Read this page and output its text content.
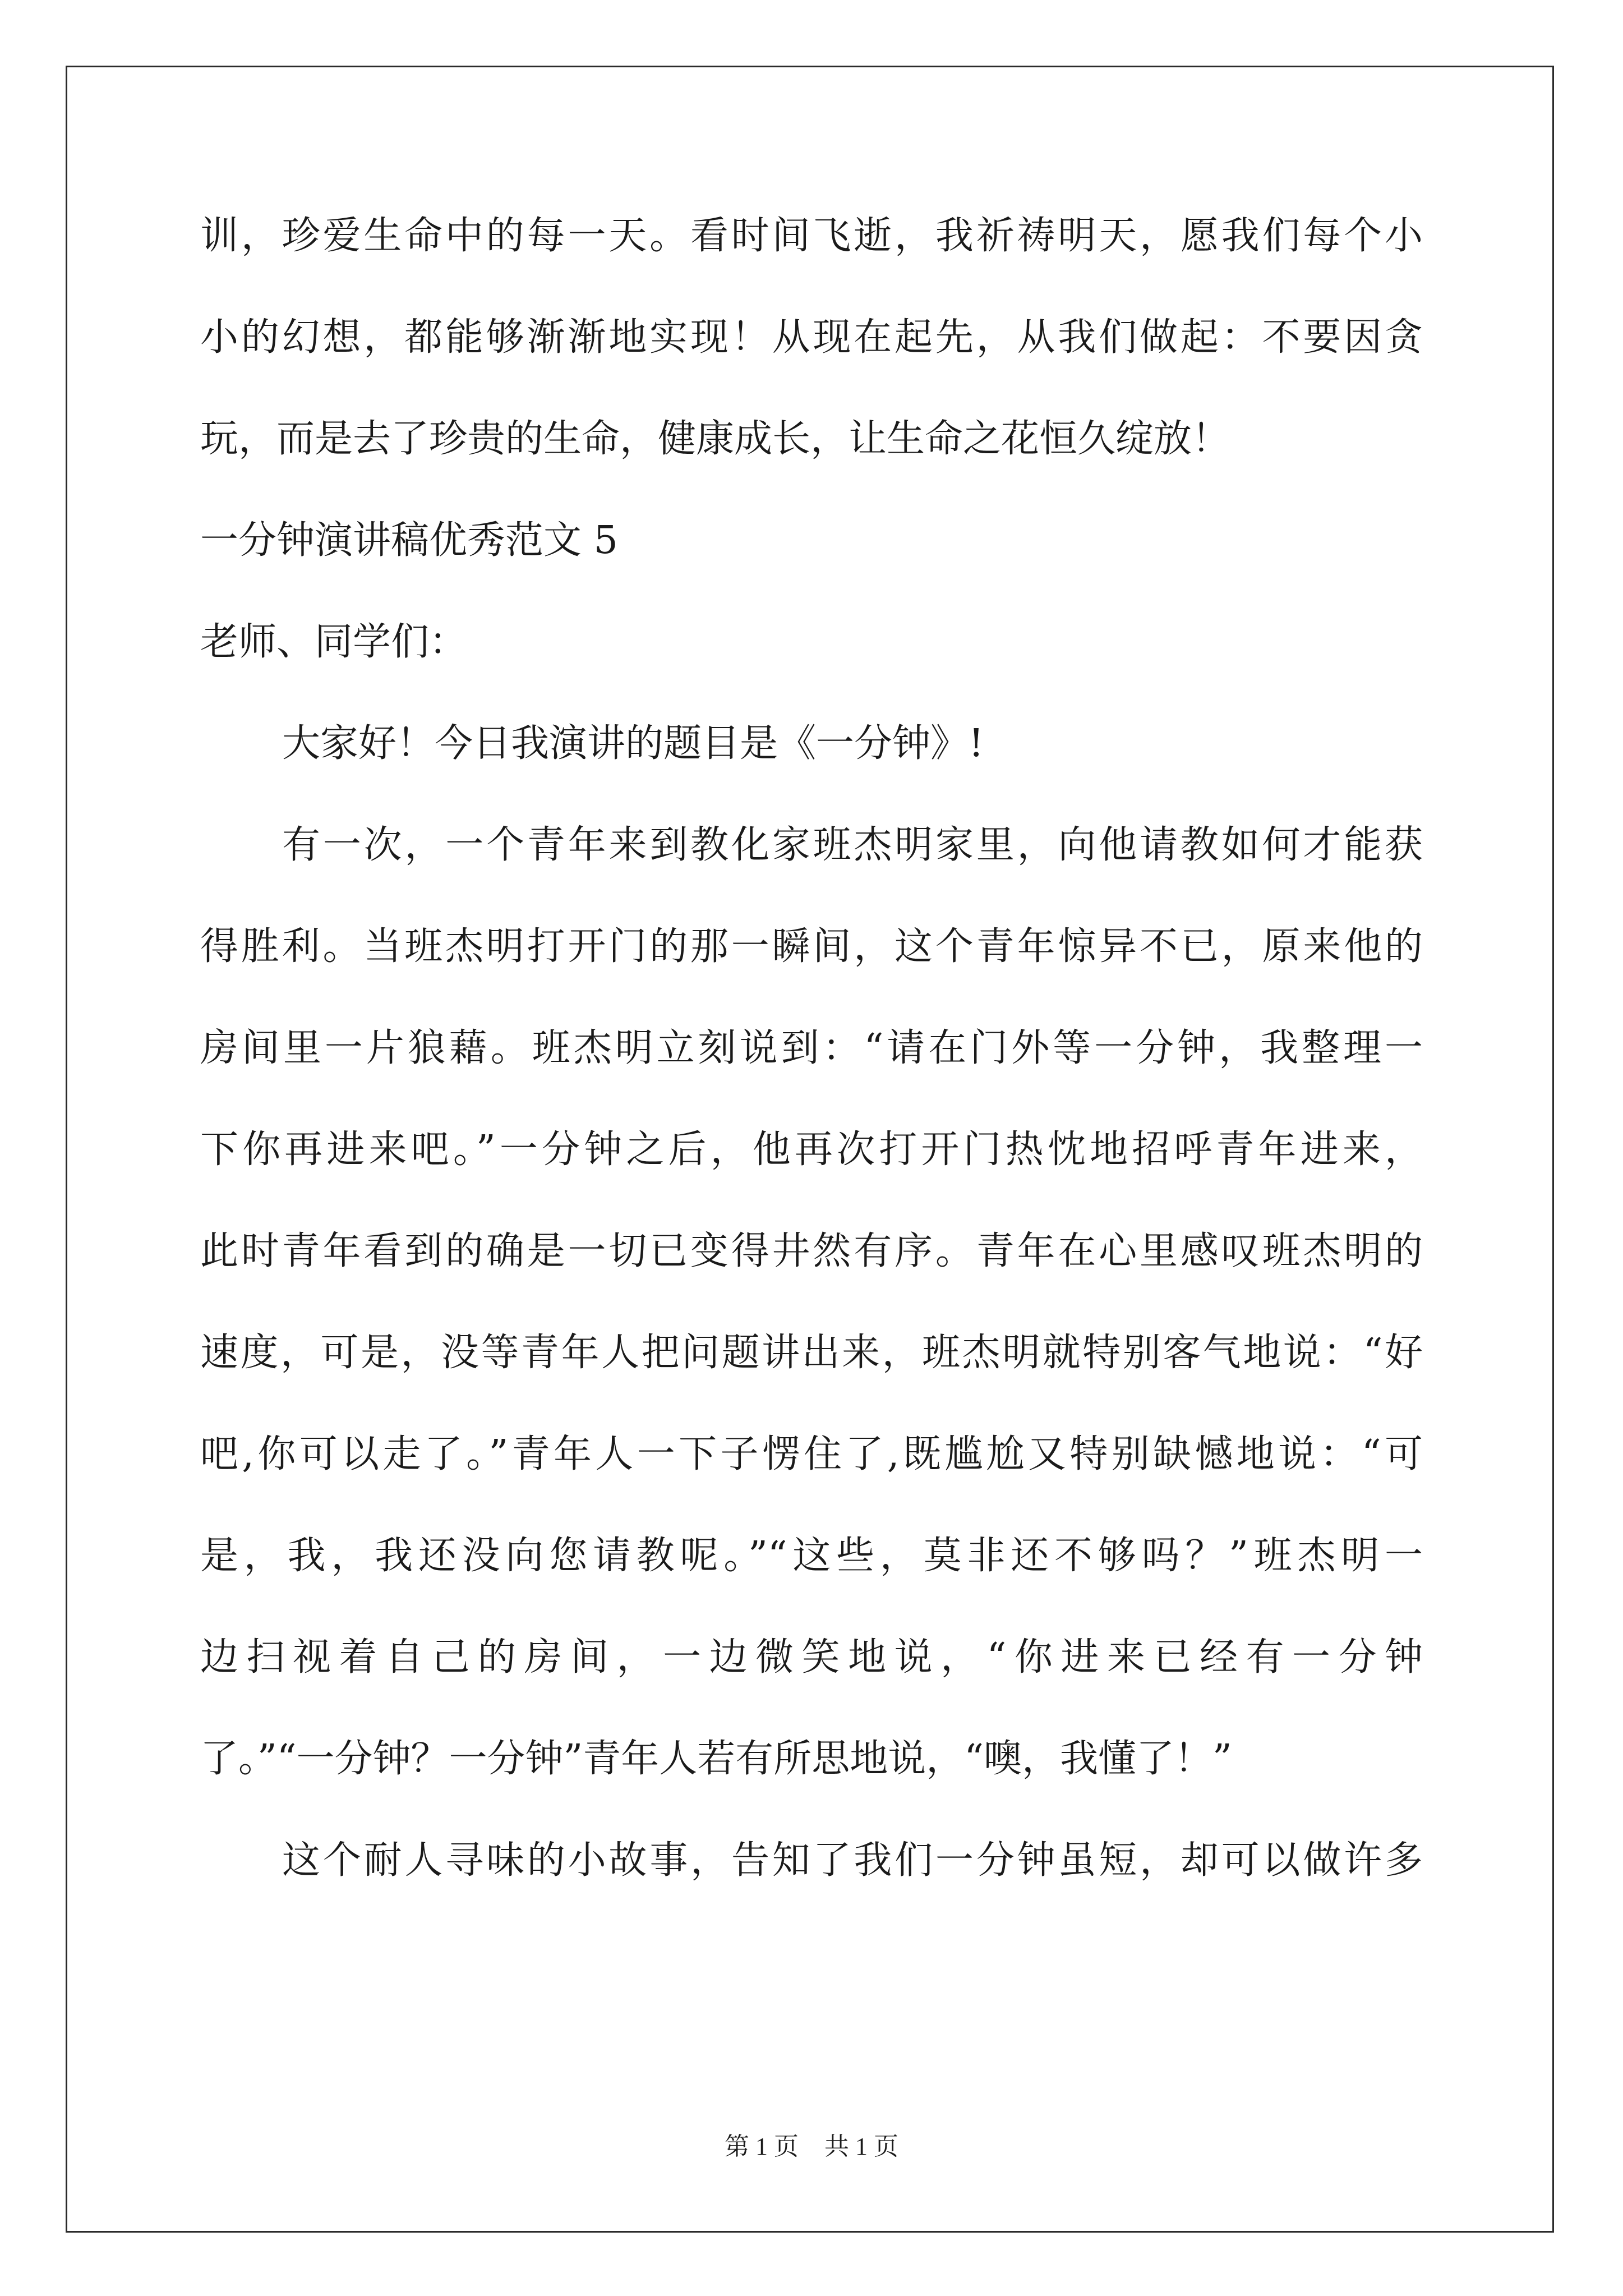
训，珍爱生命中的每一天。看时间飞逝，我祈祷明天，愿我们每个小
小的幻想，都能够渐渐地实现！从现在起先，从我们做起：不要因贪
玩，而是去了珍贵的生命，健康成长，让生命之花恒久绽放！
一分钟演讲稿优秀范文 5
老师、同学们：
大家好！今日我演讲的题目是《一分钟》!
有一次，一个青年来到教化家班杰明家里，向他请教如何才能获
得胜利。当班杰明打开门的那一瞬间，这个青年惊异不已，原来他的
房间里一片狼藉。班杰明立刻说到：“请在门外等一分钟，我整理一
下你再进来吧。”一分钟之后，他再次打开门热忱地招呼青年进来，
此时青年看到的确是一切已变得井然有序。青年在心里感叹班杰明的
速度，可是，没等青年人把问题讲出来，班杰明就特别客气地说：“好
吧,你可以走了。”青年人一下子愣住了,既尴尬又特别缺憾地说：“可
是，我，我还没向您请教呢。”“这些，莫非还不够吗？”班杰明一
边扫视着自己的房间，一边微笑地说，“你进来已经有一分钟
了。”“一分钟？一分钟”青年人若有所思地说，“噢，我懂了！”
这个耐人寻味的小故事，告知了我们一分钟虽短，却可以做许多
第 1 页 共 1 页
